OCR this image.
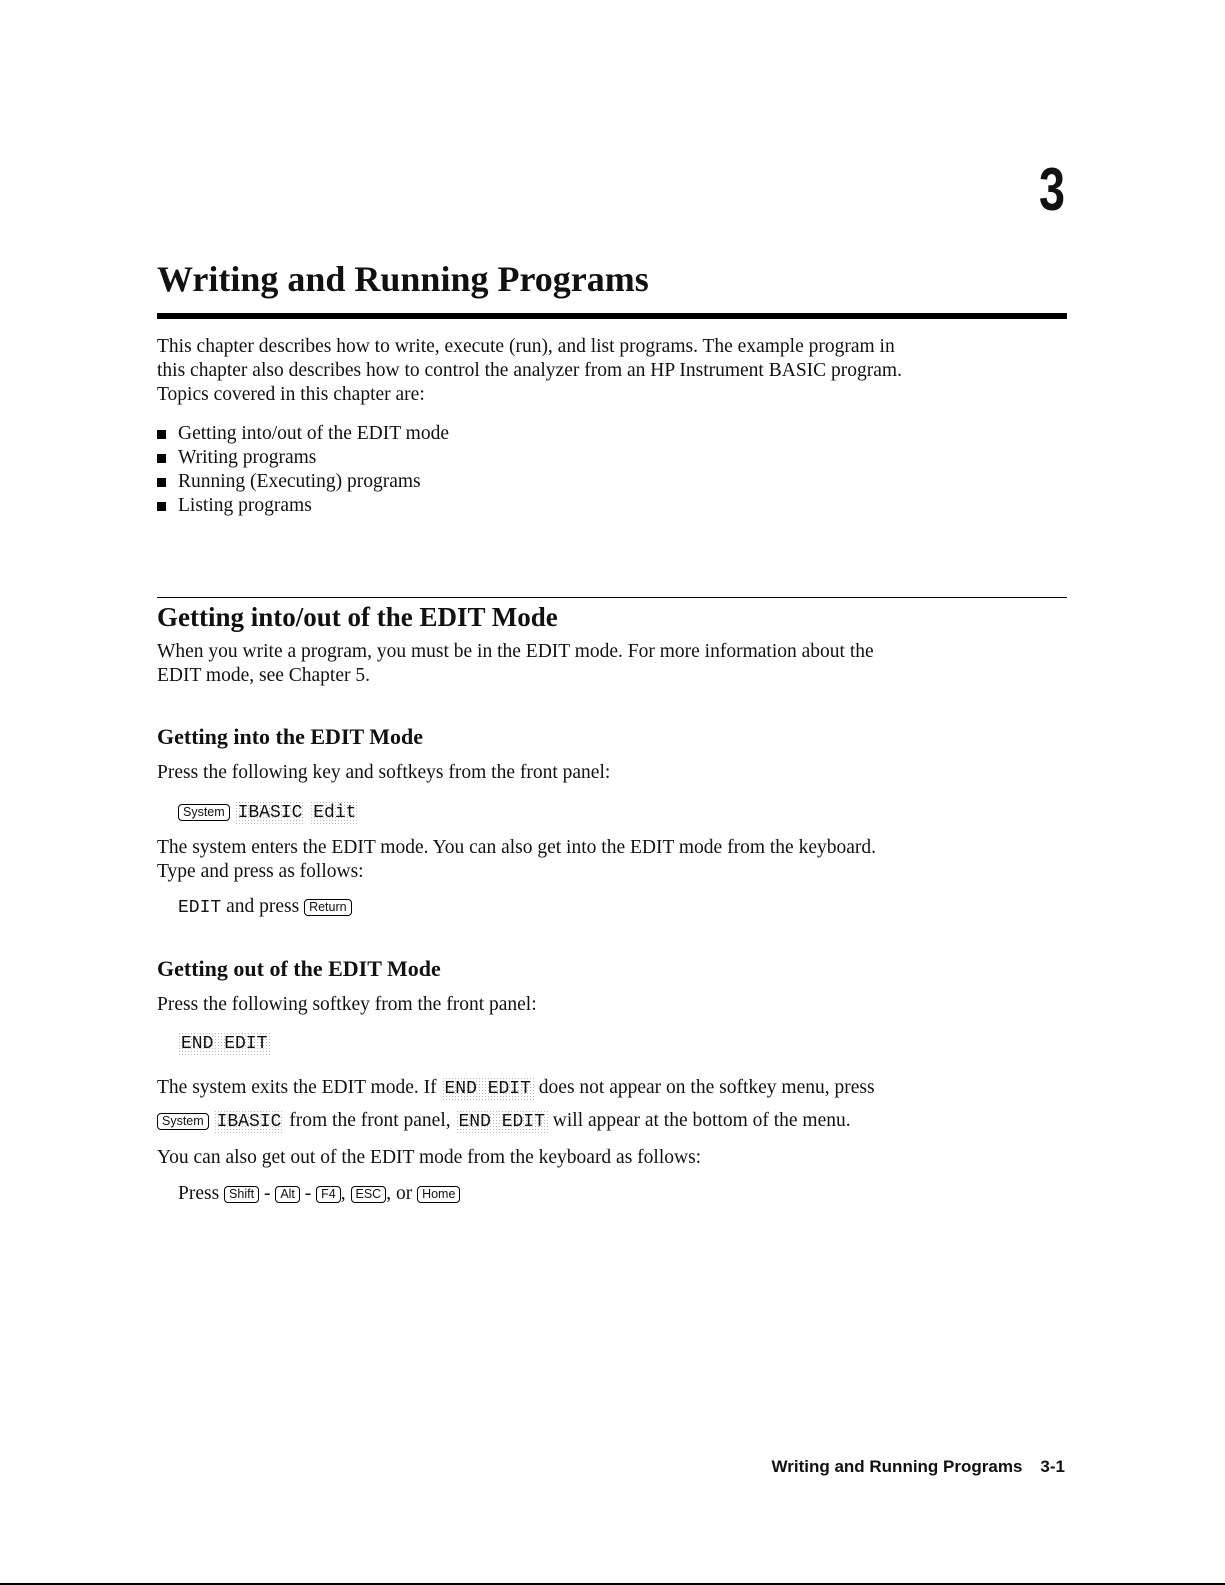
3
Writing and Running Programs
This chapter describes how to write, execute (run), and list programs. The example program in
this chapter also describes how to control the analyzer from an HP Instrument BASIC program.
Topics covered in this chapter are:
Getting into/out of the EDIT mode
Writing programs
Running (Executing) programs
Listing programs
Getting into/out of the EDIT Mode
When you write a program, you must be in the EDIT mode. For more information about the
EDIT mode, see Chapter 5.
Getting into the EDIT Mode
Press the following key and softkeys from the front panel:
System IBASIC Edit
The system enters the EDIT mode. You can also get into the EDIT mode from the keyboard.
Type and press as follows:
EDIT and press Return
Getting out of the EDIT Mode
Press the following softkey from the front panel:
END EDIT
The system exits the EDIT mode. If END EDIT does not appear on the softkey menu, press
System IBASIC from the front panel, END EDIT will appear at the bottom of the menu.
You can also get out of the EDIT mode from the keyboard as follows:
Press Shift - Alt - F4 , ESC , or Home
Writing and Running Programs 3-1
